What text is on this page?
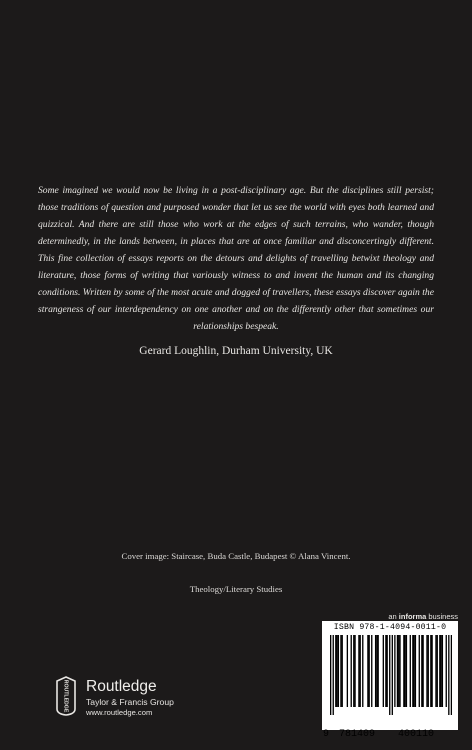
Some imagined we would now be living in a post-disciplinary age. But the disciplines still persist; those traditions of question and purposed wonder that let us see the world with eyes both learned and quizzical. And there are still those who work at the edges of such terrains, who wander, though determinedly, in the lands between, in places that are at once familiar and disconcertingly different. This fine collection of essays reports on the detours and delights of travelling betwixt theology and literature, those forms of writing that variously witness to and invent the human and its changing conditions. Written by some of the most acute and dogged of travellers, these essays discover again the strangeness of our interdependency on one another and on the differently other that sometimes our relationships bespeak.
Gerard Loughlin, Durham University, UK
Cover image: Staircase, Buda Castle, Budapest © Alana Vincent.
Theology/Literary Studies
an informa business
ISBN 978-1-4094-0011-0
9 781409 400110
ROUTLEDGE Routledge
Taylor & Francis Group
www.routledge.com
